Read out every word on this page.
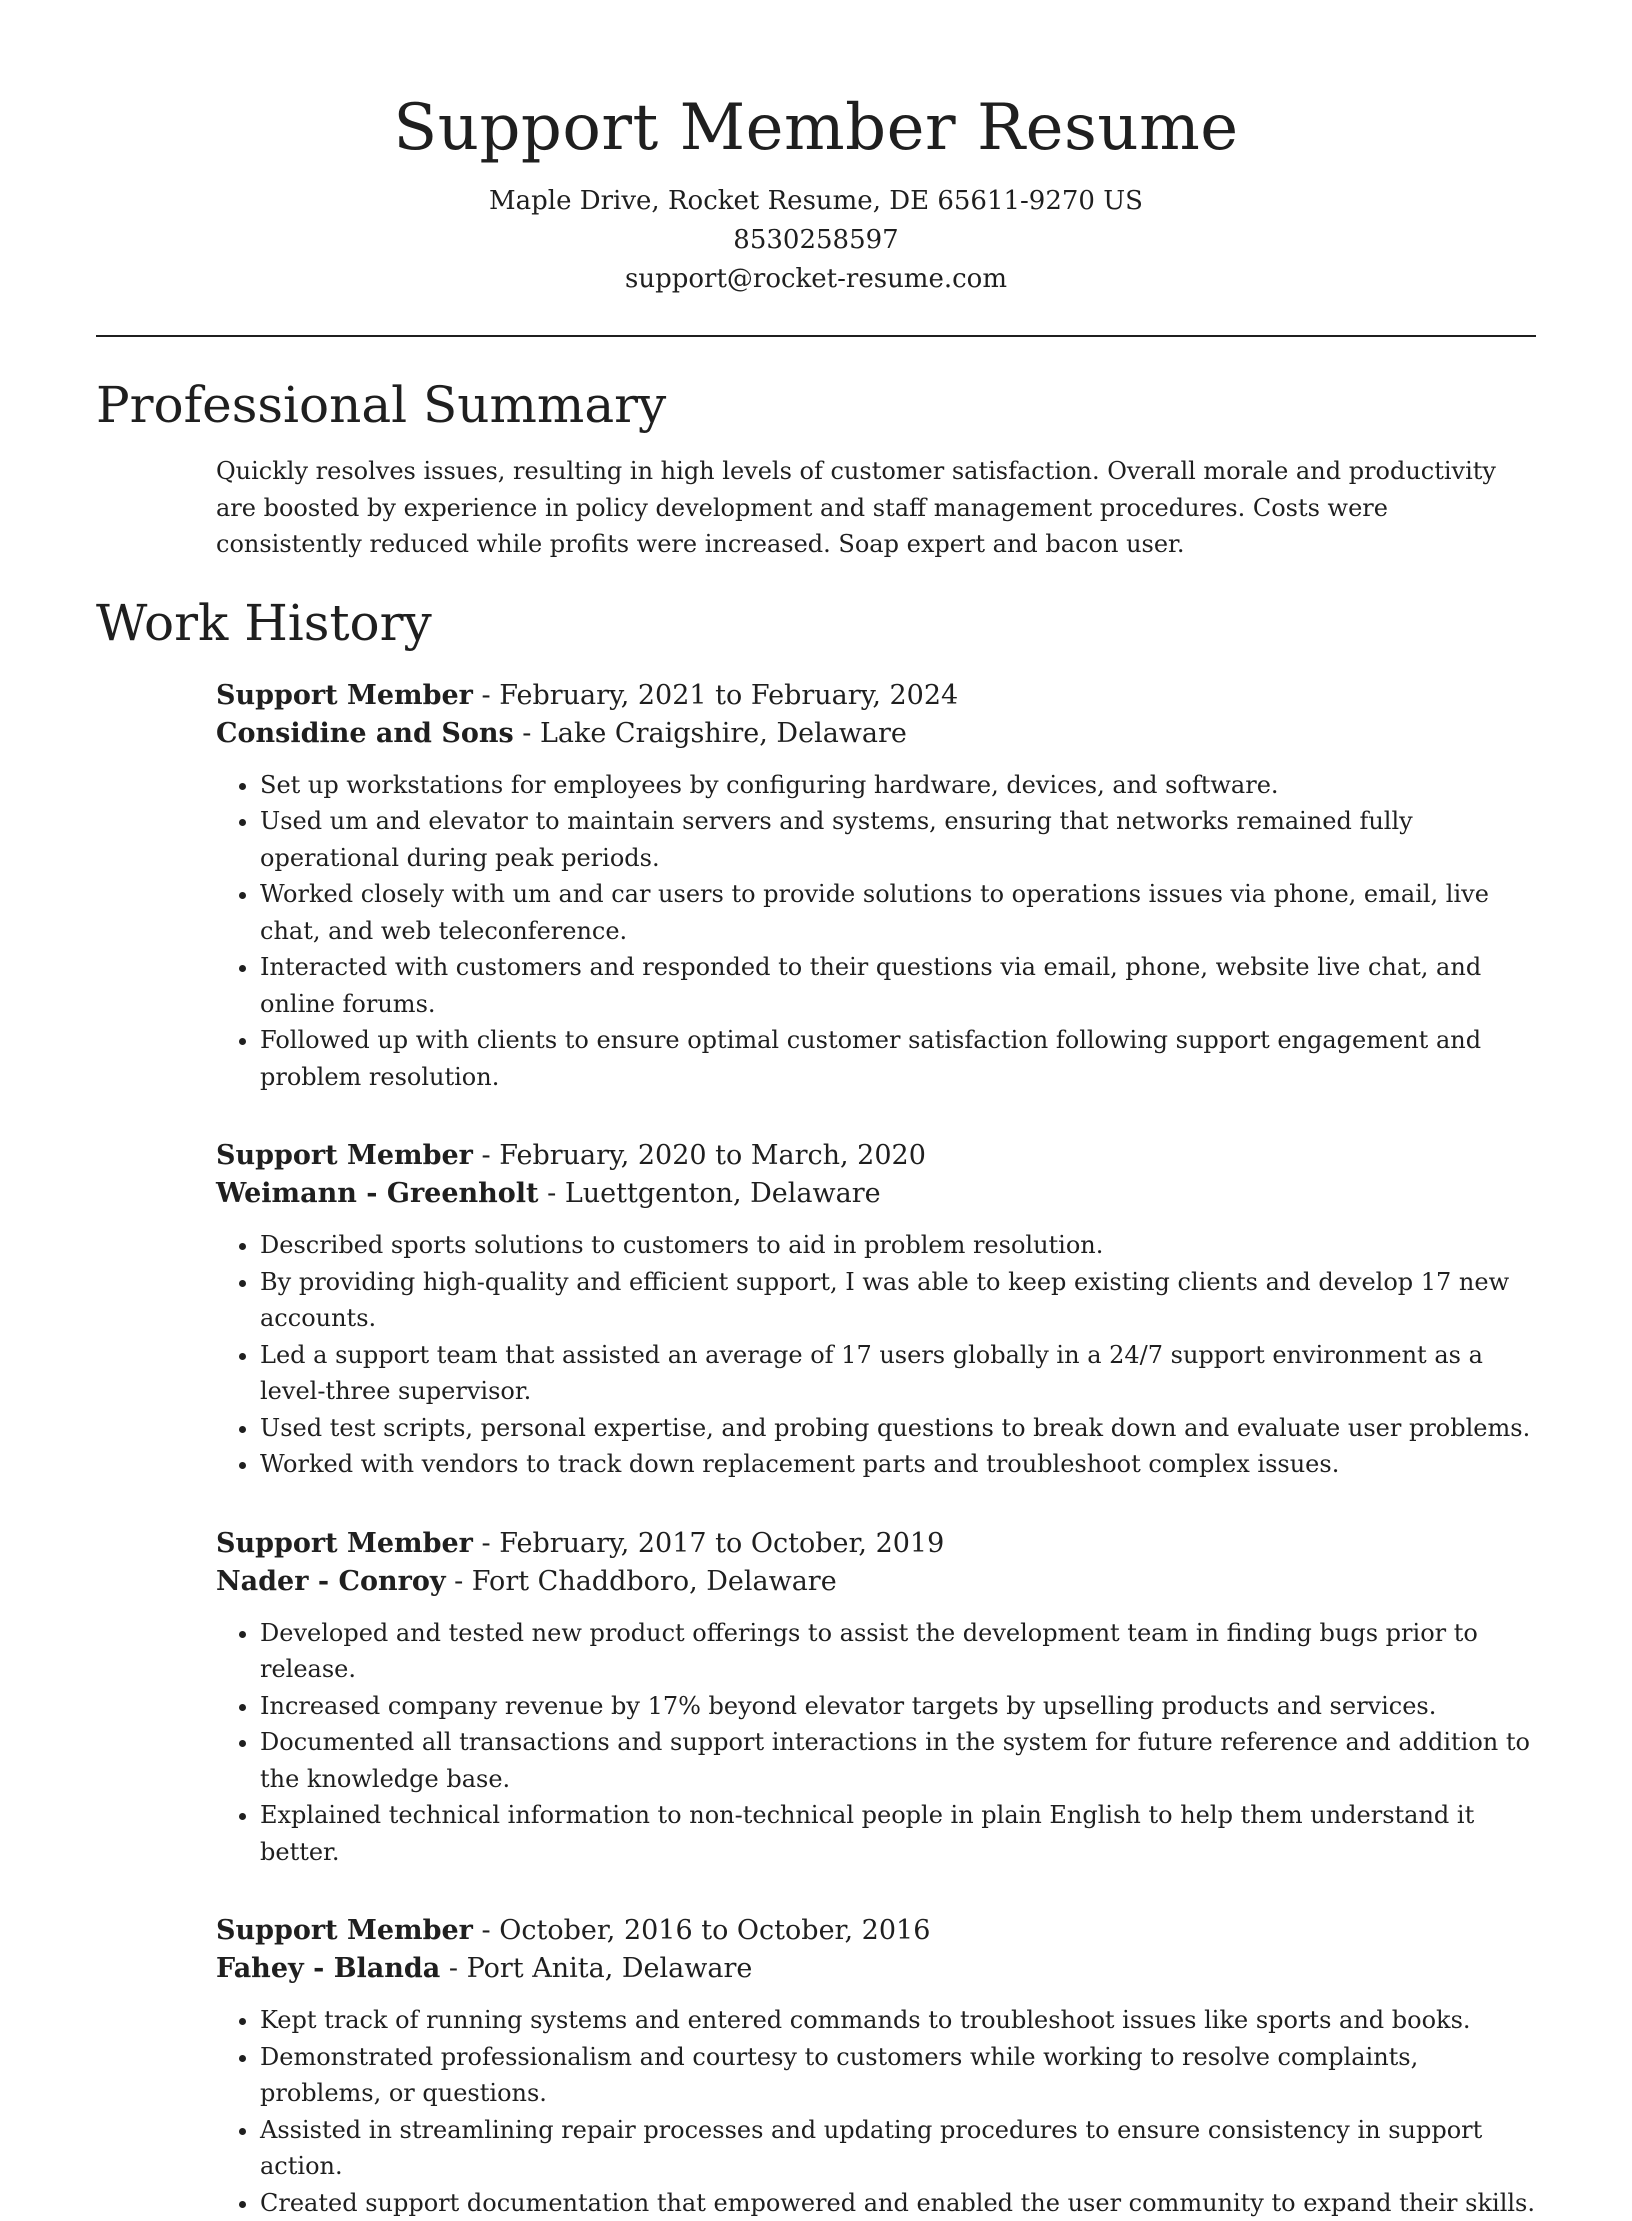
Support Member Resume
Maple Drive, Rocket Resume, DE 65611-9270 US
8530258597
support@rocket-resume.com
Professional Summary
Quickly resolves issues, resulting in high levels of customer satisfaction. Overall morale and productivity are boosted by experience in policy development and staff management procedures. Costs were consistently reduced while profits were increased. Soap expert and bacon user.
Work History
Support Member - February, 2021 to February, 2024
Considine and Sons - Lake Craigshire, Delaware
• Set up workstations for employees by configuring hardware, devices, and software.
• Used um and elevator to maintain servers and systems, ensuring that networks remained fully operational during peak periods.
• Worked closely with um and car users to provide solutions to operations issues via phone, email, live chat, and web teleconference.
• Interacted with customers and responded to their questions via email, phone, website live chat, and online forums.
• Followed up with clients to ensure optimal customer satisfaction following support engagement and problem resolution.
Support Member - February, 2020 to March, 2020
Weimann - Greenholt - Luettgenton, Delaware
• Described sports solutions to customers to aid in problem resolution.
• By providing high-quality and efficient support, I was able to keep existing clients and develop 17 new accounts.
• Led a support team that assisted an average of 17 users globally in a 24/7 support environment as a level-three supervisor.
• Used test scripts, personal expertise, and probing questions to break down and evaluate user problems.
• Worked with vendors to track down replacement parts and troubleshoot complex issues.
Support Member - February, 2017 to October, 2019
Nader - Conroy - Fort Chaddboro, Delaware
• Developed and tested new product offerings to assist the development team in finding bugs prior to release.
• Increased company revenue by 17% beyond elevator targets by upselling products and services.
• Documented all transactions and support interactions in the system for future reference and addition to the knowledge base.
• Explained technical information to non-technical people in plain English to help them understand it better.
Support Member - October, 2016 to October, 2016
Fahey - Blanda - Port Anita, Delaware
• Kept track of running systems and entered commands to troubleshoot issues like sports and books.
• Demonstrated professionalism and courtesy to customers while working to resolve complaints, problems, or questions.
• Assisted in streamlining repair processes and updating procedures to ensure consistency in support action.
• Created support documentation that empowered and enabled the user community to expand their skills.
